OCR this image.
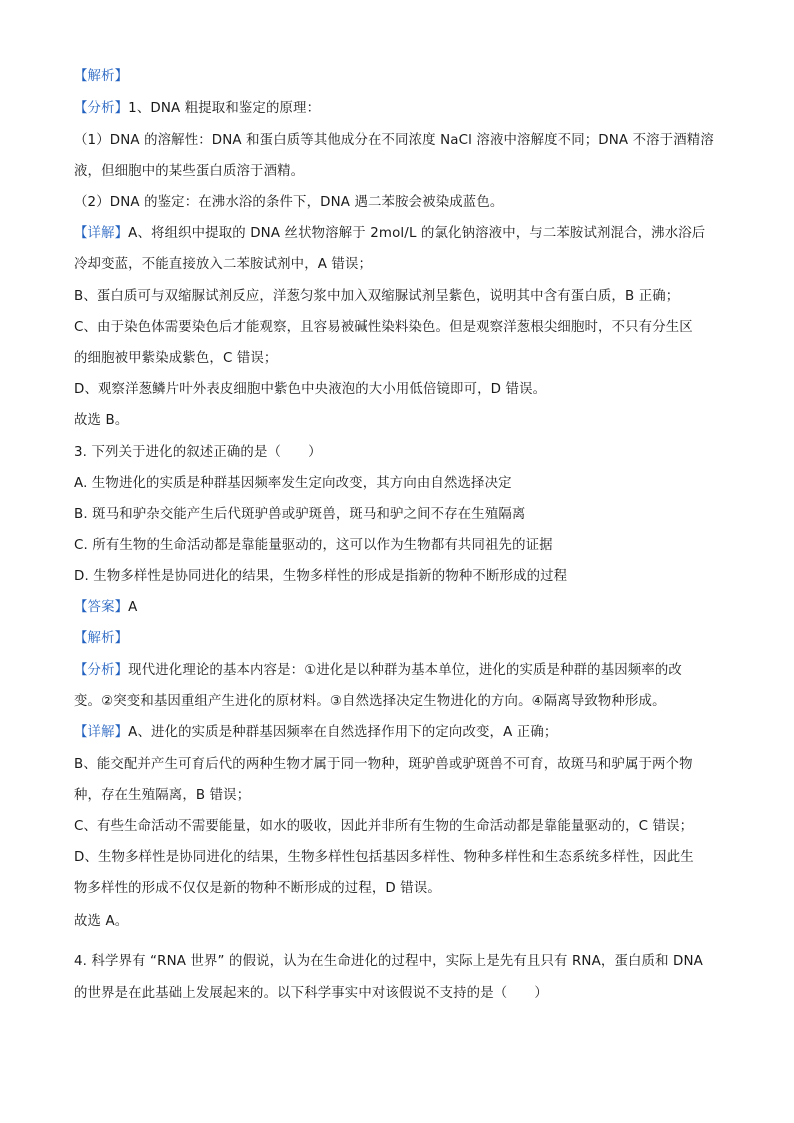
【解析】
【分析】1、DNA 粗提取和鉴定的原理：
（1）DNA 的溶解性：DNA 和蛋白质等其他成分在不同浓度 NaCl 溶液中溶解度不同；DNA 不溶于酒精溶
液，但细胞中的某些蛋白质溶于酒精。
（2）DNA 的鉴定：在沸水浴的条件下，DNA 遇二苯胺会被染成蓝色。
【详解】A、将组织中提取的 DNA 丝状物溶解于 2mol/L 的氯化钠溶液中，与二苯胺试剂混合，沸水浴后
冷却变蓝，不能直接放入二苯胺试剂中，A 错误；
B、蛋白质可与双缩脲试剂反应，洋葱匀浆中加入双缩脲试剂呈紫色，说明其中含有蛋白质，B 正确；
C、由于染色体需要染色后才能观察，且容易被碱性染料染色。但是观察洋葱根尖细胞时，不只有分生区
的细胞被甲紫染成紫色，C 错误；
D、观察洋葱鳞片叶外表皮细胞中紫色中央液泡的大小用低倍镜即可，D 错误。
故选 B。
3. 下列关于进化的叙述正确的是（　　）
A. 生物进化的实质是种群基因频率发生定向改变，其方向由自然选择决定
B. 斑马和驴杂交能产生后代斑驴兽或驴斑兽，斑马和驴之间不存在生殖隔离
C. 所有生物的生命活动都是靠能量驱动的，这可以作为生物都有共同祖先的证据
D. 生物多样性是协同进化的结果，生物多样性的形成是指新的物种不断形成的过程
【答案】A
【解析】
【分析】现代进化理论的基本内容是：①进化是以种群为基本单位，进化的实质是种群的基因频率的改
变。②突变和基因重组产生进化的原材料。③自然选择决定生物进化的方向。④隔离导致物种形成。
【详解】A、进化的实质是种群基因频率在自然选择作用下的定向改变，A 正确；
B、能交配并产生可育后代的两种生物才属于同一物种，斑驴兽或驴斑兽不可育，故斑马和驴属于两个物
种，存在生殖隔离，B 错误；
C、有些生命活动不需要能量，如水的吸收，因此并非所有生物的生命活动都是靠能量驱动的，C 错误；
D、生物多样性是协同进化的结果，生物多样性包括基因多样性、物种多样性和生态系统多样性，因此生
物多样性的形成不仅仅是新的物种不断形成的过程，D 错误。
故选 A。
4. 科学界有 “RNA 世界” 的假说，认为在生命进化的过程中，实际上是先有且只有 RNA，蛋白质和 DNA
的世界是在此基础上发展起来的。以下科学事实中对该假说不支持的是（　　）
